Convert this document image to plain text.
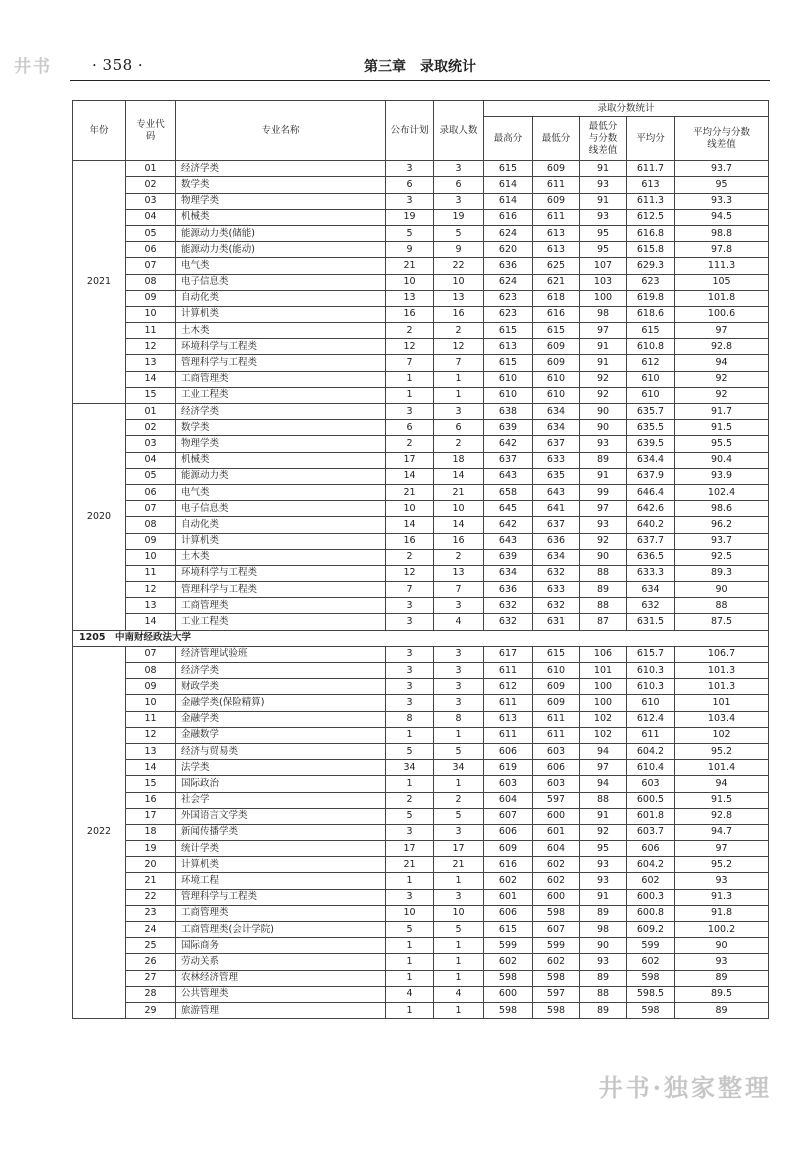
井书	· 358 ·	第三章　录取统计
年份	专业代码	专业名称	公布计划	录取人数	录取分数统计				
					最高分	最低分	最低分与分数线差值	平均分	平均分与分数线差值
2021	01	经济学类	3	3	615	609	91	611.7	93.7
	02	数学类	6	6	614	611	93	613	95
	03	物理学类	3	3	614	609	91	611.3	93.3
	04	机械类	19	19	616	611	93	612.5	94.5
	05	能源动力类(储能)	5	5	624	613	95	616.8	98.8
	06	能源动力类(能动)	9	9	620	613	95	615.8	97.8
	07	电气类	21	22	636	625	107	629.3	111.3
	08	电子信息类	10	10	624	621	103	623	105
	09	自动化类	13	13	623	618	100	619.8	101.8
	10	计算机类	16	16	623	616	98	618.6	100.6
	11	土木类	2	2	615	615	97	615	97
	12	环境科学与工程类	12	12	613	609	91	610.8	92.8
	13	管理科学与工程类	7	7	615	609	91	612	94
	14	工商管理类	1	1	610	610	92	610	92
	15	工业工程类	1	1	610	610	92	610	92
2020	01	经济学类	3	3	638	634	90	635.7	91.7
	02	数学类	6	6	639	634	90	635.5	91.5
	03	物理学类	2	2	642	637	93	639.5	95.5
	04	机械类	17	18	637	633	89	634.4	90.4
	05	能源动力类	14	14	643	635	91	637.9	93.9
	06	电气类	21	21	658	643	99	646.4	102.4
	07	电子信息类	10	10	645	641	97	642.6	98.6
	08	自动化类	14	14	642	637	93	640.2	96.2
	09	计算机类	16	16	643	636	92	637.7	93.7
	10	土木类	2	2	639	634	90	636.5	92.5
	11	环境科学与工程类	12	13	634	632	88	633.3	89.3
	12	管理科学与工程类	7	7	636	633	89	634	90
	13	工商管理类	3	3	632	632	88	632	88
	14	工业工程类	3	4	632	631	87	631.5	87.5
1205　中南财经政法大学									
2022	07	经济管理试验班	3	3	617	615	106	615.7	106.7
	08	经济学类	3	3	611	610	101	610.3	101.3
	09	财政学类	3	3	612	609	100	610.3	101.3
	10	金融学类(保险精算)	3	3	611	609	100	610	101
	11	金融学类	8	8	613	611	102	612.4	103.4
	12	金融数学	1	1	611	611	102	611	102
	13	经济与贸易类	5	5	606	603	94	604.2	95.2
	14	法学类	34	34	619	606	97	610.4	101.4
	15	国际政治	1	1	603	603	94	603	94
	16	社会学	2	2	604	597	88	600.5	91.5
	17	外国语言文学类	5	5	607	600	91	601.8	92.8
	18	新闻传播学类	3	3	606	601	92	603.7	94.7
	19	统计学类	17	17	609	604	95	606	97
	20	计算机类	21	21	616	602	93	604.2	95.2
	21	环境工程	1	1	602	602	93	602	93
	22	管理科学与工程类	3	3	601	600	91	600.3	91.3
	23	工商管理类	10	10	606	598	89	600.8	91.8
	24	工商管理类(会计学院)	5	5	615	607	98	609.2	100.2
	25	国际商务	1	1	599	599	90	599	90
	26	劳动关系	1	1	602	602	93	602	93
	27	农林经济管理	1	1	598	598	89	598	89
	28	公共管理类	4	4	600	597	88	598.5	89.5
	29	旅游管理	1	1	598	598	89	598	89
井书·独家整理
